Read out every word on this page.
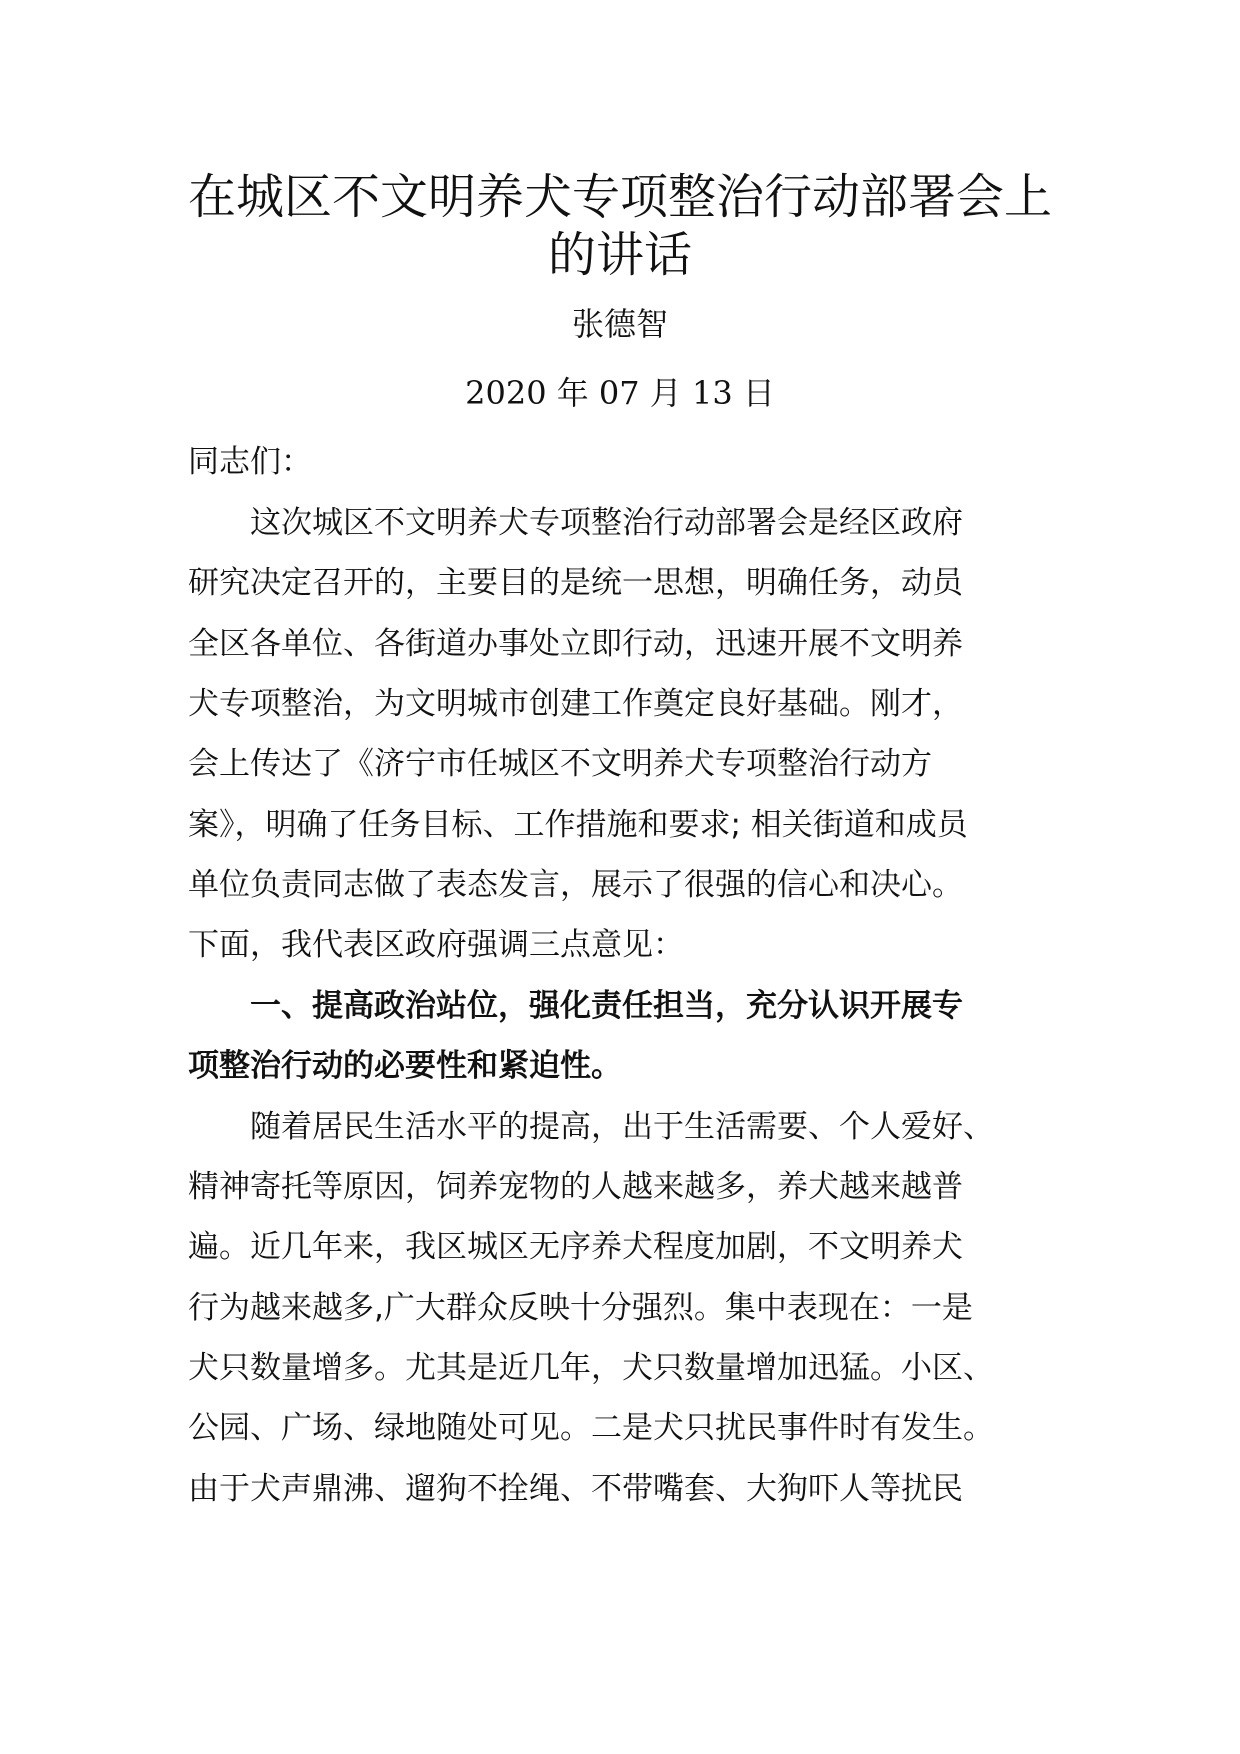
在城区不文明养犬专项整治行动部署会上
的讲话
张德智
2020 年 07 月 13 日
同志们：
　　这次城区不文明养犬专项整治行动部署会是经区政府
研究决定召开的，主要目的是统一思想，明确任务，动员
全区各单位、各街道办事处立即行动，迅速开展不文明养
犬专项整治，为文明城市创建工作奠定良好基础。刚才，
会上传达了《济宁市任城区不文明养犬专项整治行动方
案》，明确了任务目标、工作措施和要求; 相关街道和成员
单位负责同志做了表态发言，展示了很强的信心和决心。
下面，我代表区政府强调三点意见：
　　一、提高政治站位，强化责任担当，充分认识开展专
项整治行动的必要性和紧迫性。
　　随着居民生活水平的提高，出于生活需要、个人爱好、
精神寄托等原因，饲养宠物的人越来越多，养犬越来越普
遍。近几年来，我区城区无序养犬程度加剧，不文明养犬
行为越来越多,广大群众反映十分强烈。集中表现在：一是
犬只数量增多。尤其是近几年，犬只数量增加迅猛。小区、
公园、广场、绿地随处可见。二是犬只扰民事件时有发生。
由于犬声鼎沸、遛狗不拴绳、不带嘴套、大狗吓人等扰民
